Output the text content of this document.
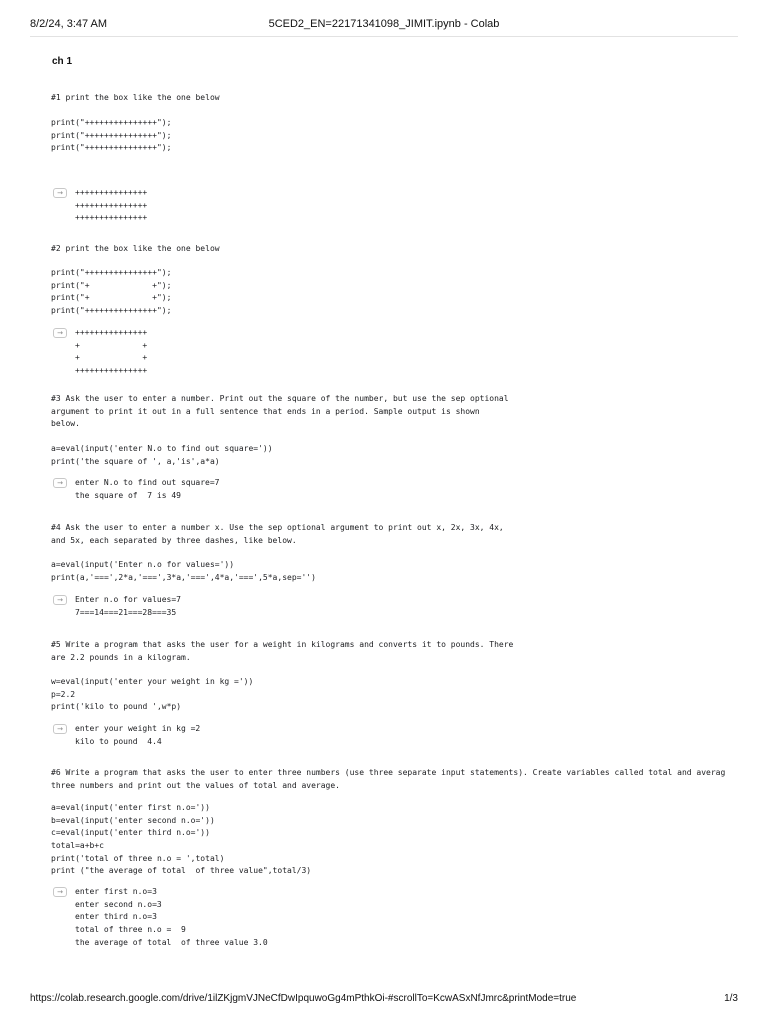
8/2/24, 3:47 AM	5CED2_EN=22171341098_JIMIT.ipynb - Colab
ch 1
#1 print the box like the one below
print("+++++++++++++++");
print("+++++++++++++++");
print("+++++++++++++++");
→	+++++++++++++++
+++++++++++++++
+++++++++++++++
#2 print the box like the one below
print("+++++++++++++++");
print("+             +");
print("+             +");
print("+++++++++++++++");
→	+++++++++++++++
+             +
+             +
+++++++++++++++
#3 Ask the user to enter a number. Print out the square of the number, but use the sep optional
argument to print it out in a full sentence that ends in a period. Sample output is shown
below.
a=eval(input('enter N.o to find out square='))
print('the square of ', a,'is',a*a)
→	enter N.o to find out square=7
the square of  7 is 49
#4 Ask the user to enter a number x. Use the sep optional argument to print out x, 2x, 3x, 4x,
and 5x, each separated by three dashes, like below.
a=eval(input('Enter n.o for values='))
print(a,'===',2*a,'===',3*a,'===',4*a,'===',5*a,sep='')
→	Enter n.o for values=7
7===14===21===28===35
#5 Write a program that asks the user for a weight in kilograms and converts it to pounds. There
are 2.2 pounds in a kilogram.
w=eval(input('enter your weight in kg ='))
p=2.2
print('kilo to pound ',w*p)
→	enter your weight in kg =2
kilo to pound  4.4
#6 Write a program that asks the user to enter three numbers (use three separate input statements). Create variables called total and averag
three numbers and print out the values of total and average.
a=eval(input('enter first n.o='))
b=eval(input('enter second n.o='))
c=eval(input('enter third n.o='))
total=a+b+c
print('total of three n.o = ',total)
print ("the average of total  of three value",total/3)
→	enter first n.o=3
enter second n.o=3
enter third n.o=3
total of three n.o =  9
the average of total  of three value 3.0
https://colab.research.google.com/drive/1ilZKjgmVJNeCfDwIpquwoGg4mPthkOi-#scrollTo=KcwASxNfJmrc&printMode=true	1/3
